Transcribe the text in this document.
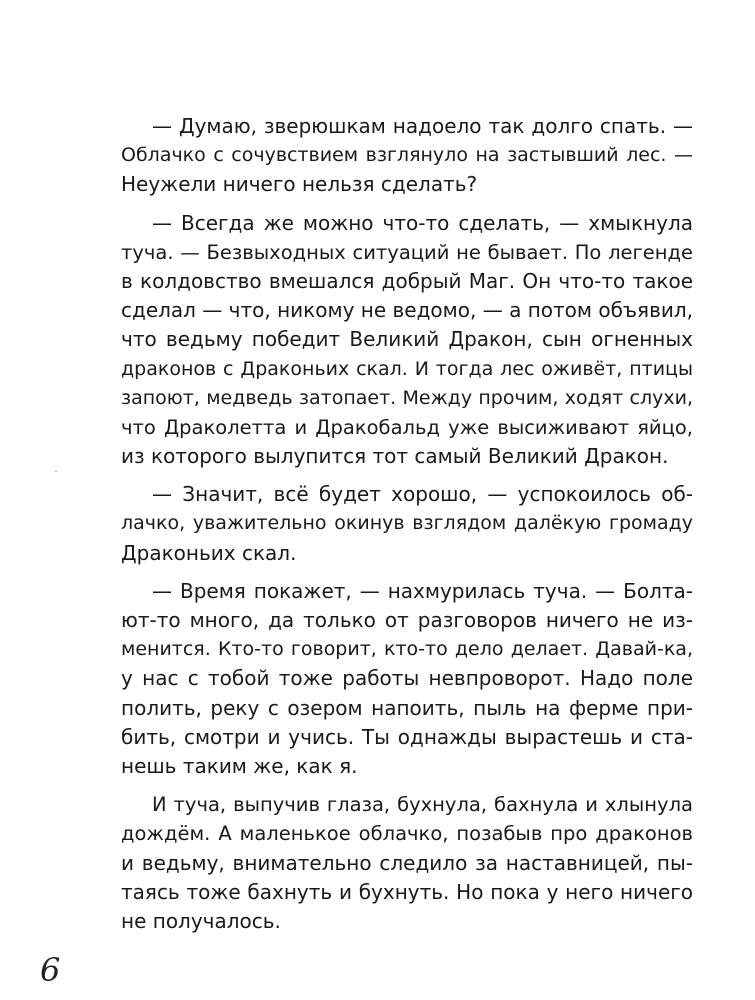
— Думаю, зверюшкам надоело так долго спать. —
Облачко с сочувствием взглянуло на застывший лес. —
Неужели ничего нельзя сделать?
— Всегда же можно что-то сделать, — хмыкнула
туча. — Безвыходных ситуаций не бывает. По легенде
в колдовство вмешался добрый Маг. Он что-то такое
сделал — что, никому не ведомо, — а потом объявил,
что ведьму победит Великий Дракон, сын огненных
драконов с Драконьих скал. И тогда лес оживёт, птицы
запоют, медведь затопает. Между прочим, ходят слухи,
что Драколетта и Дракобальд уже высиживают яйцо,
из которого вылупится тот самый Великий Дракон.
— Значит, всё будет хорошо, — успокоилось об-
лачко, уважительно окинув взглядом далёкую громаду
Драконьих скал.
— Время покажет, — нахмурилась туча. — Болта-
ют-то много, да только от разговоров ничего не из-
менится. Кто-то говорит, кто-то дело делает. Давай-ка,
у нас с тобой тоже работы невпроворот. Надо поле
полить, реку с озером напоить, пыль на ферме при-
бить, смотри и учись. Ты однажды вырастешь и ста-
нешь таким же, как я.
И туча, выпучив глаза, бухнула, бахнула и хлынула
дождём. А маленькое облачко, позабыв про драконов
и ведьму, внимательно следило за наставницей, пы-
таясь тоже бахнуть и бухнуть. Но пока у него ничего
не получалось.
6
